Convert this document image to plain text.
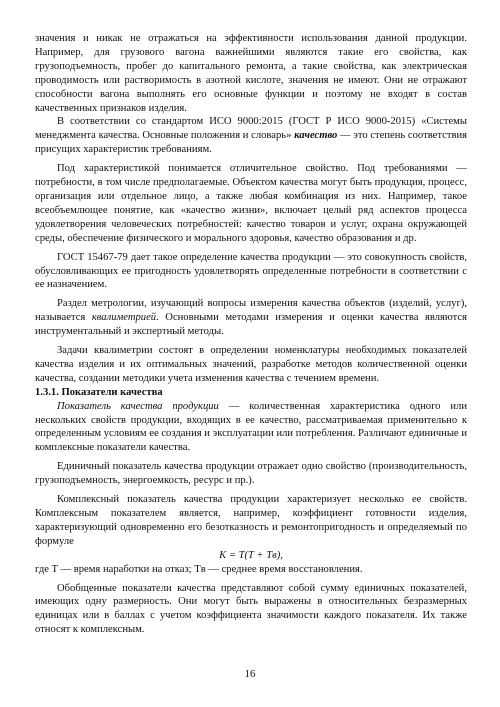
значения и никак не отражаться на эффективности использования данной продукции. Например, для грузового вагона важнейшими являются такие его свойства, как грузоподъемность, пробег до капитального ремонта, а такие свойства, как электрическая проводимость или растворимость в азотной кислоте, значения не имеют. Они не отражают способности вагона выполнять его основные функции и поэтому не входят в состав качественных признаков изделия.

В соответствии со стандартом ИСО 9000:2015 (ГОСТ Р ИСО 9000-2015) «Системы менеджмента качества. Основные положения и словарь» качество — это степень соответствия присущих характеристик требованиям.

Под характеристикой понимается отличительное свойство. Под требованиями — потребности, в том числе предполагаемые. Объектом качества могут быть продукция, процесс, организация или отдельное лицо, а также любая комбинация из них. Например, такое всеобъемлющее понятие, как «качество жизни», включает целый ряд аспектов процесса удовлетворения человеческих потребностей: качество товаров и услуг, охрана окружающей среды, обеспечение физического и морального здоровья, качество образования и др.

ГОСТ 15467-79 дает такое определение качества продукции — это совокупность свойств, обусловливающих ее пригодность удовлетворять определенные потребности в соответствии с ее назначением.

Раздел метрологии, изучающий вопросы измерения качества объектов (изделий, услуг), называется квалиметрией. Основными методами измерения и оценки качества являются инструментальный и экспертный методы.

Задачи квалиметрии состоят в определении номенклатуры необходимых показателей качества изделия и их оптимальных значений, разработке методов количественной оценки качества, создании методики учета изменения качества с течением времени.

1.3.1. Показатели качества

Показатель качества продукции — количественная характеристика одного или нескольких свойств продукции, входящих в ее качество, рассматриваемая применительно к определенным условиям ее создания и эксплуатации или потребления. Различают единичные и комплексные показатели качества.

Единичный показатель качества продукции отражает одно свойство (производительность, грузоподъемность, энергоемкость, ресурс и пр.).

Комплексный показатель качества продукции характеризует несколько ее свойств. Комплексным показателем является, например, коэффициент готовности изделия, характеризующий одновременно его безотказность и ремонтопригодность и определяемый по формуле

K = T(T + Tв),

где T — время наработки на отказ; Tв — среднее время восстановления.

Обобщенные показатели качества представляют собой сумму единичных показателей, имеющих одну размерность. Они могут быть выражены в относительных безразмерных единицах или в баллах с учетом коэффициента значимости каждого показателя. Их также относят к комплексным.

16
